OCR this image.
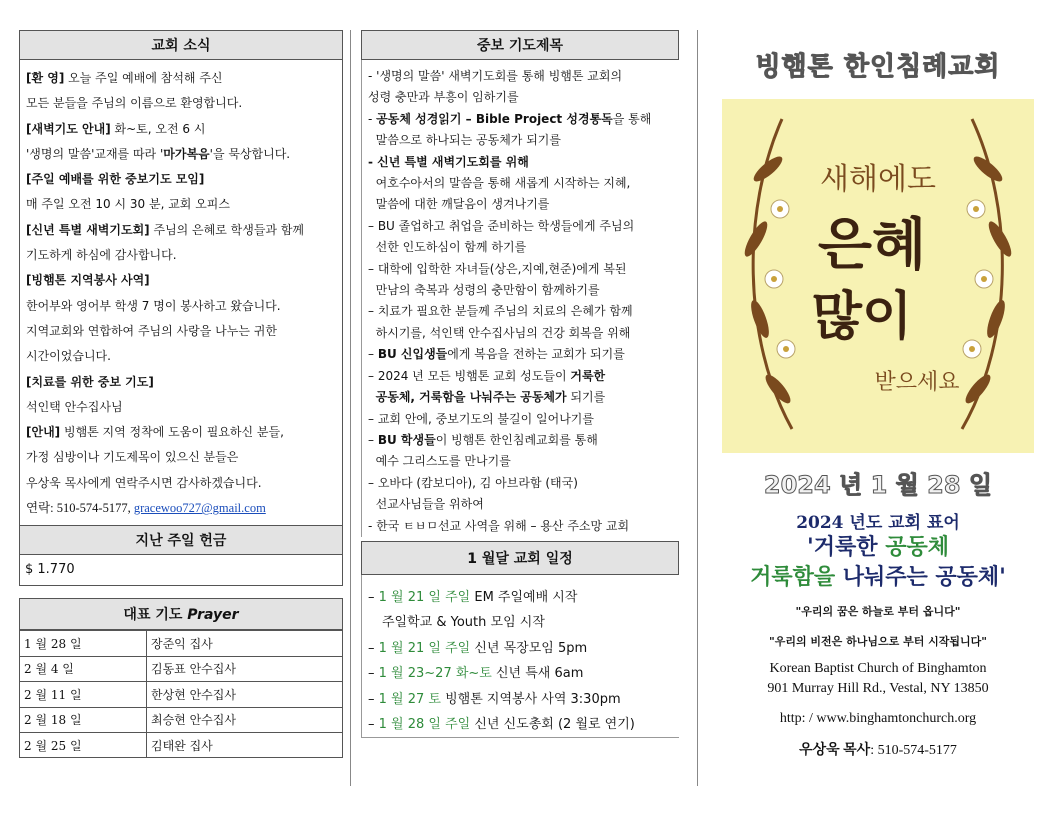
교회 소식
[환 영] 오늘 주일 예배에 참석해 주신
모든 분들을 주님의 이름으로 환영합니다.
[새벽기도 안내] 화~토, 오전 6 시
'생명의 말씀'교재를 따라 '마가복음'을 묵상합니다.
[주일 예배를 위한 중보기도 모임]
매 주일 오전 10 시 30 분, 교회 오피스
[신년 특별 새벽기도회] 주님의 은혜로 학생들과 함께
기도하게 하심에 감사합니다.
[빙햄톤 지역봉사 사역]
한어부와 영어부 학생 7 명이 봉사하고 왔습니다.
지역교회와 연합하여 주님의 사랑을 나누는 귀한
시간이었습니다.
[치료를 위한 중보 기도]
석인택 안수집사님
[안내] 빙햄톤 지역 정착에 도움이 필요하신 분들,
가정 심방이나 기도제목이 있으신 분들은
우상욱 목사에게 연락주시면 감사하겠습니다.
연락: 510-574-5177, gracewoo727@gmail.com
지난 주일 헌금
$ 1.770
대표 기도 Prayer
1 월 28 일	장준익 집사
2 월 4 일	김동표 안수집사
2 월 11 일	한상현 안수집사
2 월 18 일	최승현 안수집사
2 월 25 일	김태완 집사
중보 기도제목
- '생명의 말씀' 새벽기도회를 통해 빙햄톤 교회의
성령 충만과 부흥이 임하기를
- 공동체 성경읽기 – Bible Project 성경통독을 통해
말씀으로 하나되는 공동체가 되기를
- 신년 특별 새벽기도회를 위해
여호수아서의 말씀을 통해 새롭게 시작하는 지혜,
말씀에 대한 깨달음이 생겨나기를
– BU 졸업하고 취업을 준비하는 학생들에게 주님의
선한 인도하심이 함께 하기를
– 대학에 입학한 자녀들(상은,지예,현준)에게 복된
만남의 축복과 성령의 충만함이 함께하기를
– 치료가 필요한 분들께 주님의 치료의 은혜가 함께
하시기를, 석인택 안수집사님의 건강 회복을 위해
– BU 신입생들에게 복음을 전하는 교회가 되기를
– 2024 년 모든 빙햄톤 교회 성도들이 거룩한
공동체, 거룩함을 나눠주는 공동체가 되기를
– 교회 안에, 중보기도의 불길이 일어나기를
– BU 학생들이 빙햄톤 한인침례교회를 통해
예수 그리스도를 만나기를
– 오바다 (캄보디아), 김 아브라함 (태국)
선교사님들을 위하여
- 한국 ㅌㅂㅁ선교 사역을 위해 – 용산 주소망 교회
1 월달 교회 일정
– 1 월 21 일 주일 EM 주일예배 시작
주일학교 & Youth 모임 시작
– 1 월 21 일 주일 신년 목장모임 5pm
– 1 월 23~27 화~토 신년 특새 6am
– 1 월 27 토 빙햄톤 지역봉사 사역 3:30pm
– 1 월 28 일 주일 신년 신도총회 (2 월로 연기)
빙햄톤 한인침례교회
새해에도
은혜
많이
받으세요
2024 년 1 월 28 일
2024 년도 교회 표어
'거룩한 공동체
거룩함을 나눠주는 공동체'
"우리의 꿈은 하늘로 부터 옵니다"
"우리의 비전은 하나님으로 부터 시작됩니다"
Korean Baptist Church of Binghamton
901 Murray Hill Rd., Vestal, NY 13850
http: / www.binghamtonchurch.org
우상욱 목사: 510-574-5177
